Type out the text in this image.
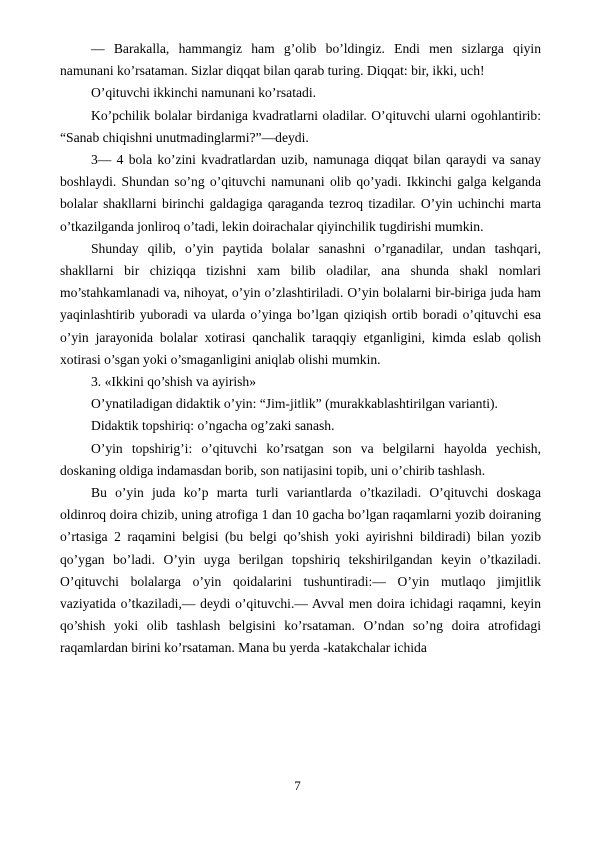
— Barakalla, hammangiz ham g’olib bo’ldingiz. Endi men sizlarga qiyin namunani ko’rsataman. Sizlar diqqat bilan qarab turing. Diqqat: bir, ikki, uch!

O’qituvchi ikkinchi namunani ko’rsatadi.

Ko’pchilik bolalar birdaniga kvadratlarni oladilar. O’qituvchi ularni ogohlantirib: “Sanab chiqishni unutmadinglarmi?”—deydi.

3— 4 bola ko’zini kvadratlardan uzib, namunaga diqqat bilan qaraydi va sanay boshlaydi. Shundan so’ng o’qituvchi namunani olib qo’yadi. Ikkinchi galga kelganda bolalar shakllarni birinchi galdagiga qaraganda tezroq tizadilar. O’yin uchinchi marta o’tkazilganda jonliroq o’tadi, lekin doirachalar qiyinchilik tugdirishi mumkin.

Shunday qilib, o’yin paytida bolalar sanashni o’rganadilar, undan tashqari, shakllarni bir chiziqqa tizishni xam bilib oladilar, ana shunda shakl nomlari mo’stahkamlanadi va, nihoyat, o’yin o’zlashtiriladi. O’yin bolalarni bir-biriga juda ham yaqinlashtirib yuboradi va ularda o’yinga bo’lgan qiziqish ortib boradi o’qituvchi esa o’yin jarayonida bolalar xotirasi qanchalik taraqqiy etganligini, kimda eslab qolish xotirasi o’sgan yoki o’smaganligini aniqlab olishi mumkin.

3. «Ikkini qo’shish va ayirish»

O’ynatiladigan didaktik o’yin: “Jim-jitlik” (murakkablashtirilgan varianti).

Didaktik topshiriq: o’ngacha og’zaki sanash.

O’yin topshirig’i: o’qituvchi ko’rsatgan son va belgilarni hayolda yechish, doskaning oldiga indamasdan borib, son natijasini topib, uni o’chirib tashlash.

Bu o’yin juda ko’p marta turli variantlarda o’tkaziladi. O’qituvchi doskaga oldinroq doira chizib, uning atrofiga 1 dan 10 gacha bo’lgan raqamlarni yozib doiraning o’rtasiga 2 raqamini belgisi (bu belgi qo’shish yoki ayirishni bildiradi) bilan yozib qo’ygan bo’ladi. O’yin uyga berilgan topshiriq tekshirilgandan keyin o’tkaziladi. O’qituvchi bolalarga o’yin qoidalarini tushuntiradi:— O’yin mutlaqo jimjitlik vaziyatida o’tkaziladi,— deydi o’qituvchi.— Avval men doira ichidagi raqamni, keyin qo’shish yoki olib tashlash belgisini ko’rsataman. O’ndan so’ng doira atrofidagi raqamlardan birini ko’rsataman. Mana bu yerda -katakchalar ichida

7
